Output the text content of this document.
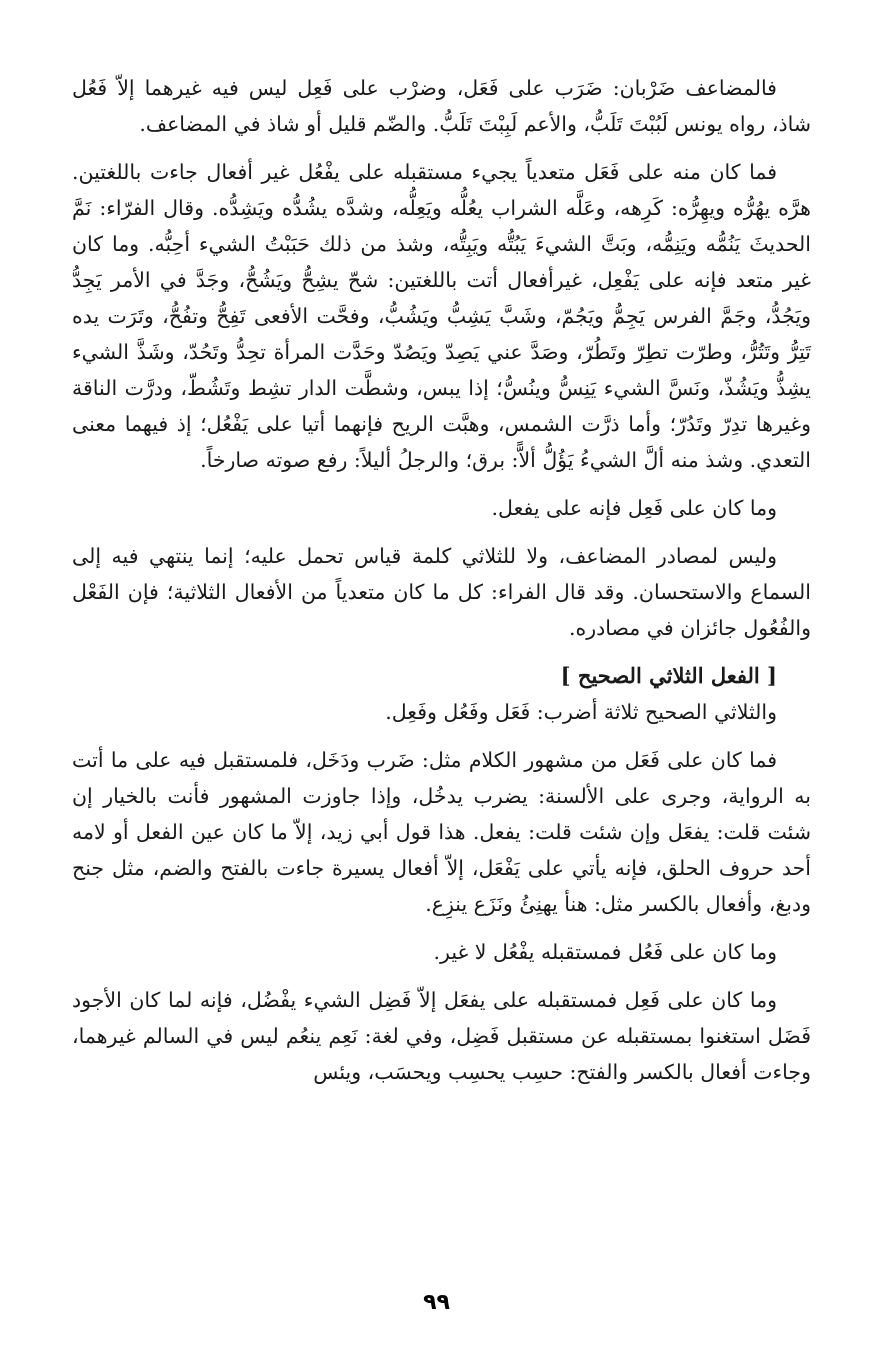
فالمضاعف ضَرْبان: ضَرَب على فَعَل، وضرْب على فَعِل ليس فيه غيرهما إلاّ فَعُل شاذ، رواه يونس لَبُبْتَ تَلَبُّ، والأعم لَبِبْتَ تَلَبُّ. والضّم قليل أو شاذ في المضاعف.

فما كان منه على فَعَل متعدياً يجيء مستقبله على يفْعُل غير أفعال جاءت باللغتين. هرَّه يهُرُّه ويهِرُّه: كَرِهه، وعَلَّه الشراب يعُلُّه ويَعِلُّه، وشدَّه يشُدُّه ويَشِدُّه. وقال الفرّاء: نَمَّ الحديثَ يَنُمُّه ويَنِمُّه، وبَتَّ الشيءَ يَبُتُّه ويَبِتُّه، وشذ من ذلك حَبَبْتُ الشيء أحِبُّه. وما كان غير متعد فإنه على يَفْعِل، غيرأفعال أتت باللغتين: شحّ يشِحُّ ويَشُحُّ، وجَدَّ في الأمر يَجِدُّ ويَجُدُّ، وجَمَّ الفرس يَجِمُّ ويَجُمّ، وشَبَّ يَشِبُّ ويَشُبُّ، وفحَّت الأفعى تَفِحُّ وتفُحُّ، وتَرَت يده تَتِرُّ وتَتُرُّ، وطرّت تطِرّ وتَطُرّ، وصَدَّ عني يَصِدّ ويَصُدّ وحَدَّت المرأة تحِدُّ وتَحُدّ، وشَذَّ الشيء يشِذُّ ويَشُذّ، ونَسَّ الشيء يَنِسُّ وينُسُّ؛ إذا يبس، وشطَّت الدار تشِط وتَشُطّ، ودرَّت الناقة وغيرها تدِرّ وتَدُرّ؛ وأما ذرَّت الشمس، وهبَّت الريح فإنهما أتيا على يَفْعُل؛ إذ فيهما معنى التعدي. وشذ منه ألَّ الشيءُ يَؤُلُّ ألاًّ: برق؛ والرجلُ أليلاً: رفع صوته صارخاً.

وما كان على فَعِل فإنه على يفعل.

وليس لمصادر المضاعف، ولا للثلاثي كلمة قياس تحمل عليه؛ إنما ينتهي فيه إلى السماع والاستحسان. وقد قال الفراء: كل ما كان متعدياً من الأفعال الثلاثية؛ فإن الفَعْل والفُعُول جائزان في مصادره.

[ الفعل الثلاثي الصحيح ]

والثلاثي الصحيح ثلاثة أضرب: فَعَل وفَعُل وفَعِل.

فما كان على فَعَل من مشهور الكلام مثل: ضَرب ودَخَل، فلمستقبل فيه على ما أتت به الرواية، وجرى على الألسنة: يضرب يدخُل، وإذا جاوزت المشهور فأنت بالخيار إن شئت قلت: يفعَل وإن شئت قلت: يفعل. هذا قول أبي زيد، إلاّ ما كان عين الفعل أو لامه أحد حروف الحلق، فإنه يأتي على يَفْعَل، إلاّ أفعال يسيرة جاءت بالفتح والضم، مثل جنح ودبغ، وأفعال بالكسر مثل: هنأ يهنِئُ ونَزَع ينزِع.

وما كان على فَعُل فمستقبله يفْعُل لا غير.

وما كان على فَعِل فمستقبله على يفعَل إلاّ فَضِل الشيء يفْضُل، فإنه لما كان الأجود فَضَل استغنوا بمستقبله عن مستقبل فَضِل، وفي لغة: نَعِم ينعُم ليس في السالم غيرهما، وجاءت أفعال بالكسر والفتح: حسِب يحسِب ويحسَب، ويئس

٩٩
